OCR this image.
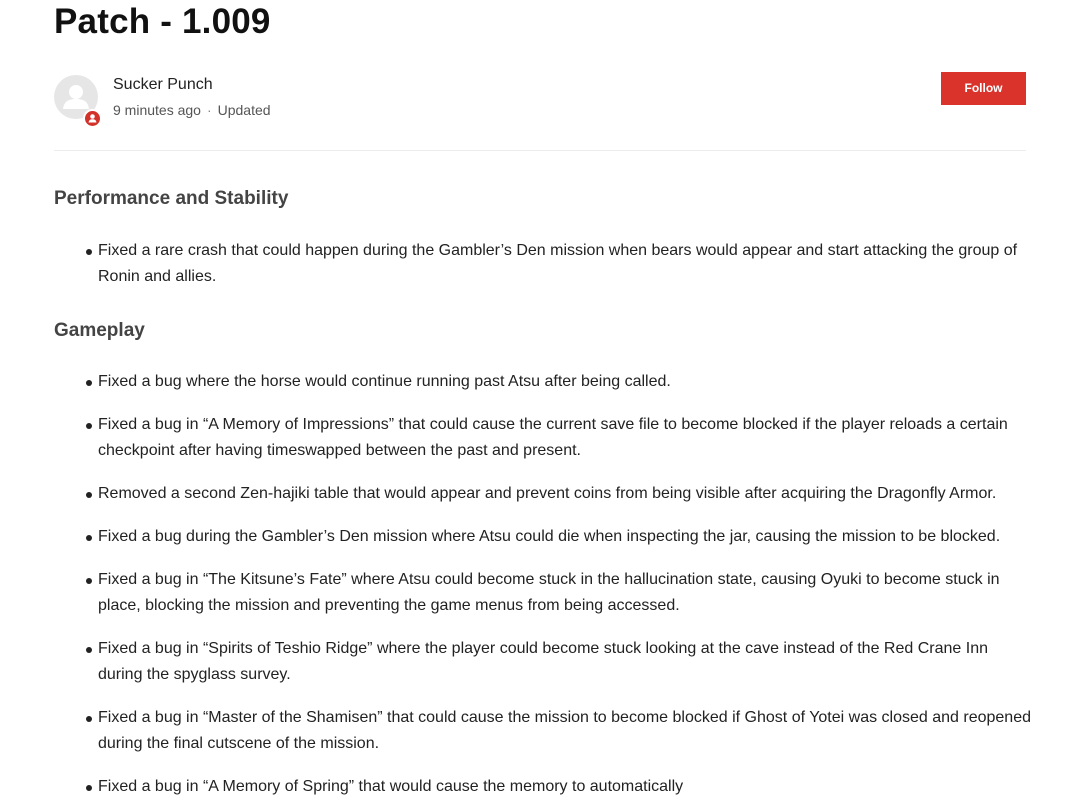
Patch - 1.009
Sucker Punch
9 minutes ago · Updated
Follow
Performance and Stability
Fixed a rare crash that could happen during the Gambler’s Den mission when bears would appear and start attacking the group of Ronin and allies.
Gameplay
Fixed a bug where the horse would continue running past Atsu after being called.
Fixed a bug in “A Memory of Impressions” that could cause the current save file to become blocked if the player reloads a certain checkpoint after having timeswapped between the past and present.
Removed a second Zen-hajiki table that would appear and prevent coins from being visible after acquiring the Dragonfly Armor.
Fixed a bug during the Gambler’s Den mission where Atsu could die when inspecting the jar, causing the mission to be blocked.
Fixed a bug in “The Kitsune’s Fate” where Atsu could become stuck in the hallucination state, causing Oyuki to become stuck in place, blocking the mission and preventing the game menus from being accessed.
Fixed a bug in “Spirits of Teshio Ridge” where the player could become stuck looking at the cave instead of the Red Crane Inn during the spyglass survey.
Fixed a bug in “Master of the Shamisen” that could cause the mission to become blocked if Ghost of Yotei was closed and reopened during the final cutscene of the mission.
Fixed a bug in “A Memory of Spring” that would cause the memory to automatically
